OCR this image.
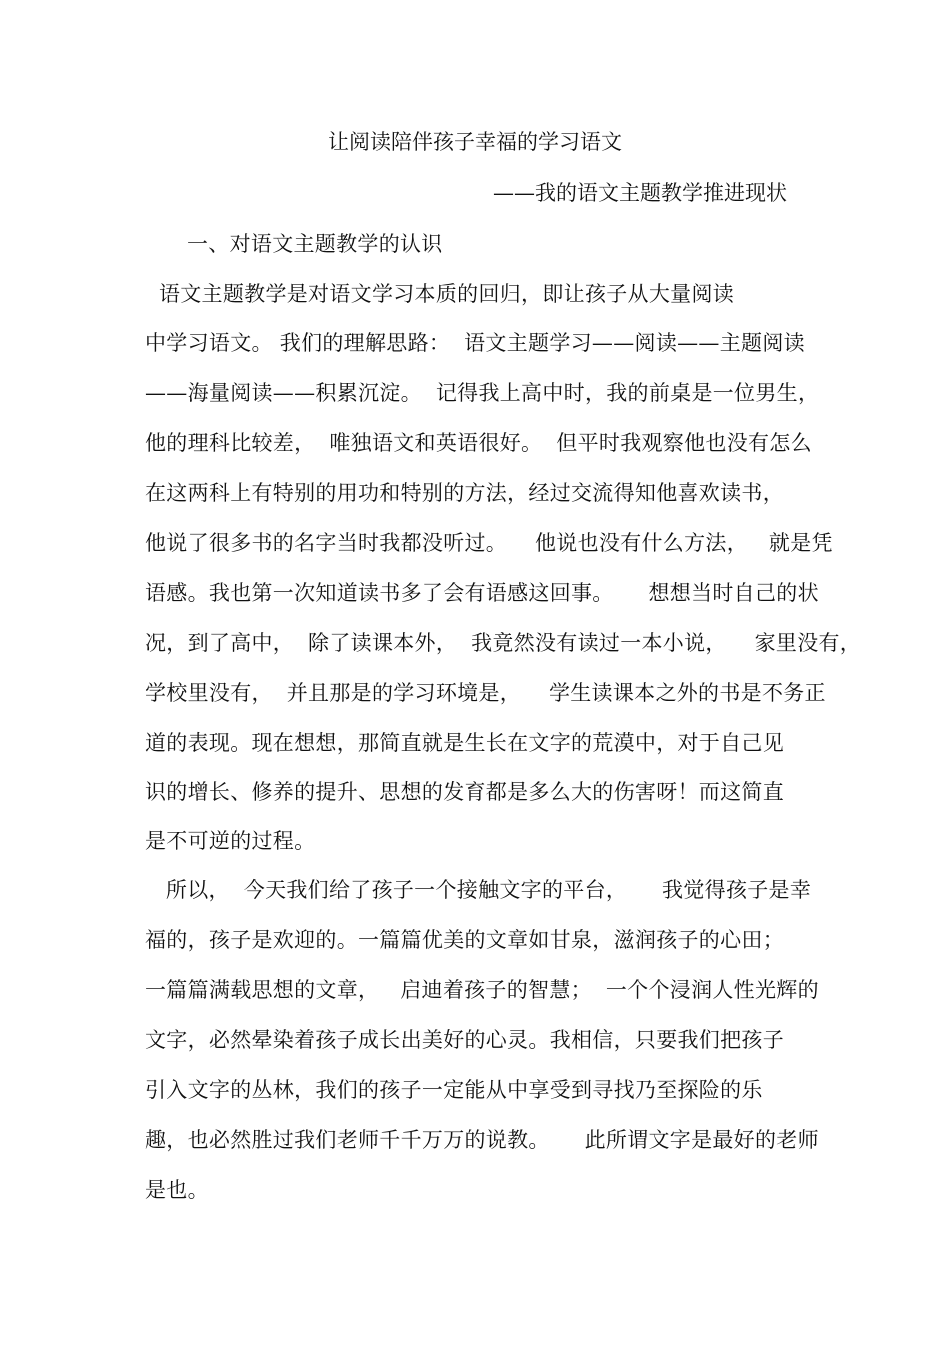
让阅读陪伴孩子幸福的学习语文
——我的语文主题教学推进现状
一、对语文主题教学的认识
语文主题教学是对语文学习本质的回归，即让孩子从大量阅读
中学习语文。 我们的理解思路：  语文主题学习——阅读——主题阅读
——海量阅读——积累沉淀。  记得我上高中时，我的前桌是一位男生，
他的理科比较差，  唯独语文和英语很好。  但平时我观察他也没有怎么
在这两科上有特别的用功和特别的方法，经过交流得知他喜欢读书，
他说了很多书的名字当时我都没听过。    他说也没有什么方法，   就是凭
语感。我也第一次知道读书多了会有语感这回事。     想想当时自己的状
况，到了高中，  除了读课本外，  我竟然没有读过一本小说，    家里没有，
学校里没有，  并且那是的学习环境是，    学生读课本之外的书是不务正
道的表现。现在想想，那简直就是生长在文字的荒漠中，对于自己见
识的增长、修养的提升、思想的发育都是多么大的伤害呀！而这简直
是不可逆的过程。
所以，  今天我们给了孩子一个接触文字的平台，     我觉得孩子是幸
福的，孩子是欢迎的。一篇篇优美的文章如甘泉，滋润孩子的心田；
一篇篇满载思想的文章，   启迪着孩子的智慧；  一个个浸润人性光辉的
文字，必然晕染着孩子成长出美好的心灵。我相信，只要我们把孩子
引入文字的丛林，我们的孩子一定能从中享受到寻找乃至探险的乐
趣，也必然胜过我们老师千千万万的说教。     此所谓文字是最好的老师
是也。
